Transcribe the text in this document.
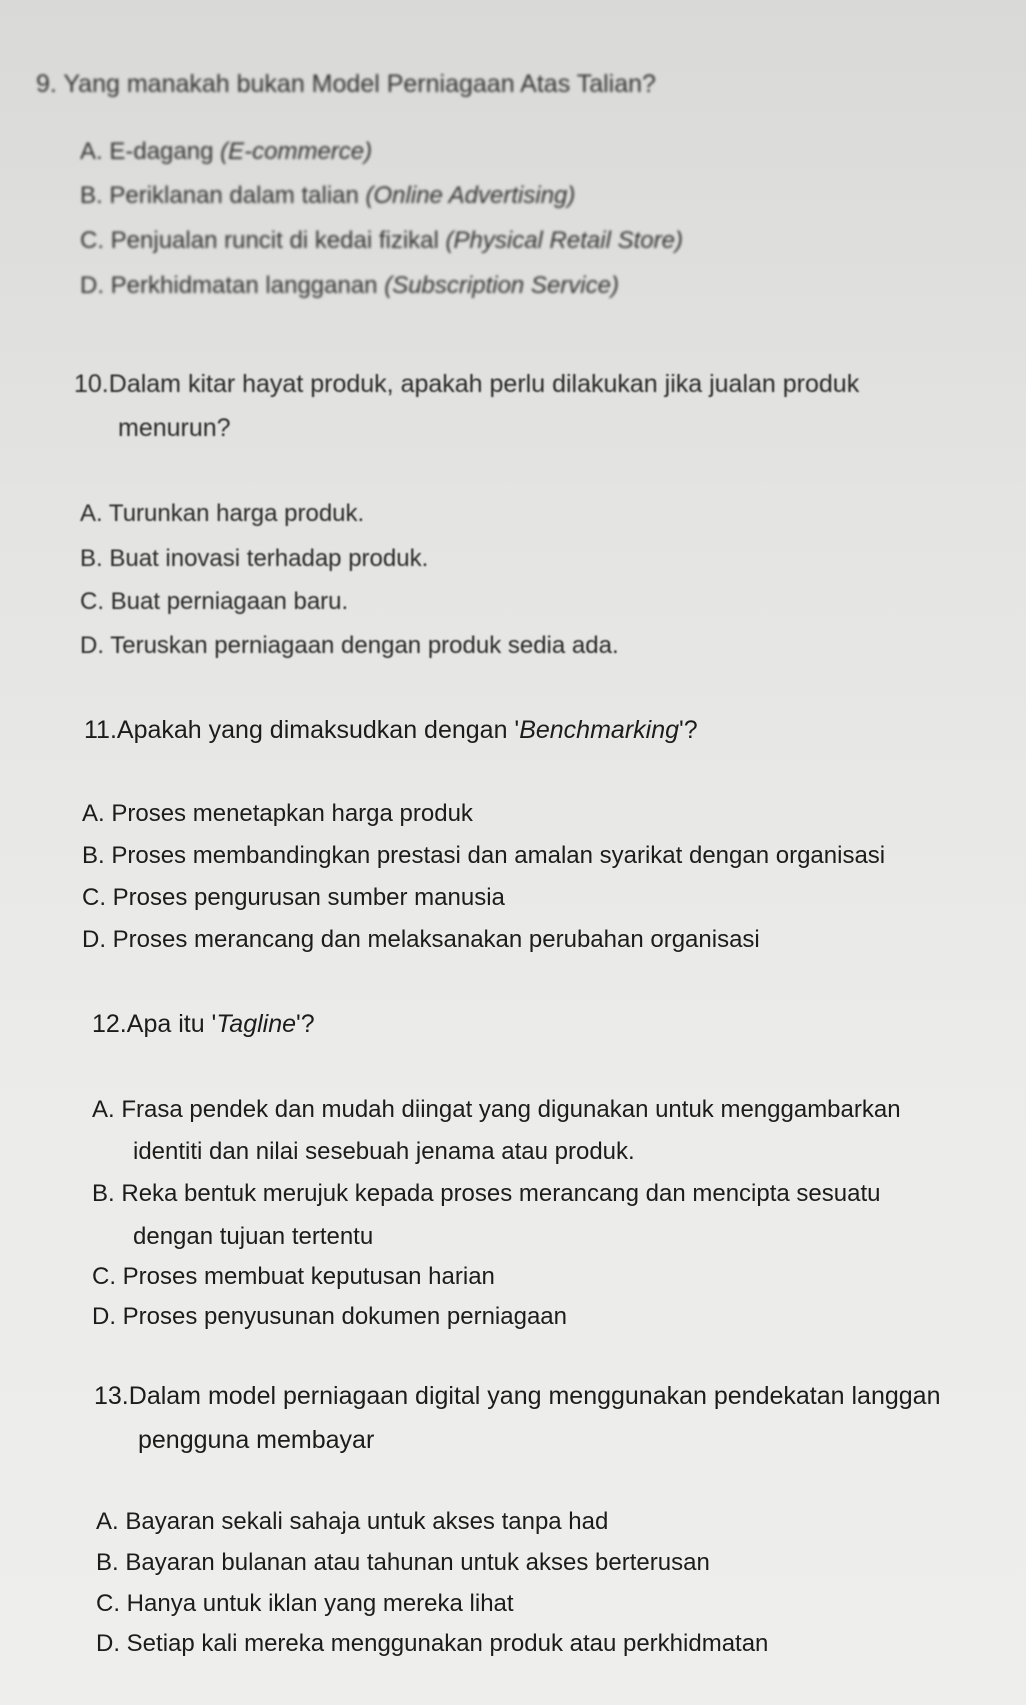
9. Yang manakah bukan Model Perniagaan Atas Talian?
A. E-dagang (E-commerce)
B. Periklanan dalam talian (Online Advertising)
C. Penjualan runcit di kedai fizikal (Physical Retail Store)
D. Perkhidmatan langganan (Subscription Service)
10.Dalam kitar hayat produk, apakah perlu dilakukan jika jualan produk
menurun?
A. Turunkan harga produk.
B. Buat inovasi terhadap produk.
C. Buat perniagaan baru.
D. Teruskan perniagaan dengan produk sedia ada.
11.Apakah yang dimaksudkan dengan 'Benchmarking'?
A. Proses menetapkan harga produk
B. Proses membandingkan prestasi dan amalan syarikat dengan organisasi
C. Proses pengurusan sumber manusia
D. Proses merancang dan melaksanakan perubahan organisasi
12.Apa itu 'Tagline'?
A. Frasa pendek dan mudah diingat yang digunakan untuk menggambarkan
identiti dan nilai sesebuah jenama atau produk.
B. Reka bentuk merujuk kepada proses merancang dan mencipta sesuatu
dengan tujuan tertentu
C. Proses membuat keputusan harian
D. Proses penyusunan dokumen perniagaan
13.Dalam model perniagaan digital yang menggunakan pendekatan langgan
pengguna membayar
A. Bayaran sekali sahaja untuk akses tanpa had
B. Bayaran bulanan atau tahunan untuk akses berterusan
C. Hanya untuk iklan yang mereka lihat
D. Setiap kali mereka menggunakan produk atau perkhidmatan
